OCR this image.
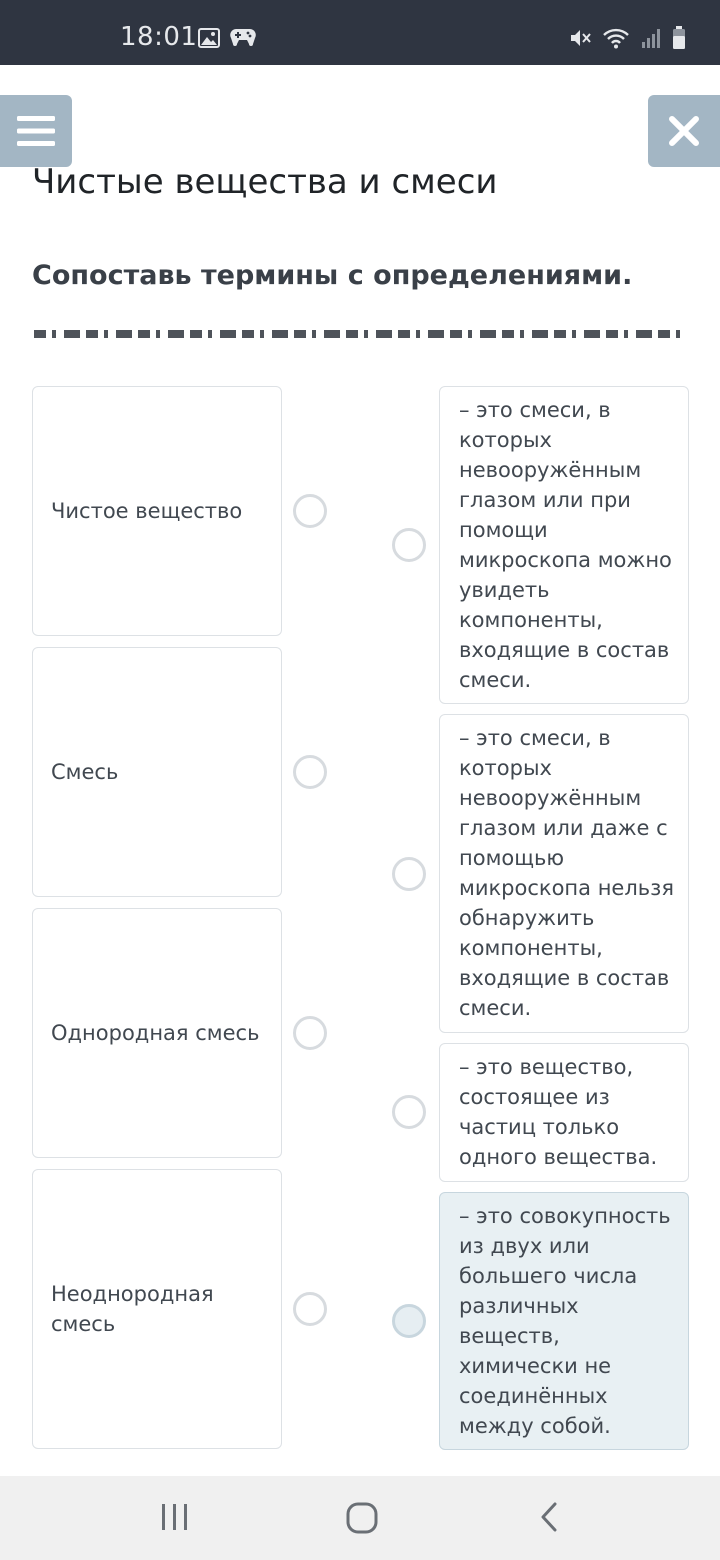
18:01
Чистые вещества и смеси
Сопоставь термины с определениями.
Чистое вещество
Смесь
Однородная смесь
Неоднородная смесь
– это смеси, в которых невооружённым глазом или при помощи микроскопа можно увидеть компоненты, входящие в состав смеси.
– это смеси, в которых невооружённым глазом или даже с помощью микроскопа нельзя обнаружить компоненты, входящие в состав смеси.
– это вещество, состоящее из частиц только одного вещества.
– это совокупность из двух или большего числа различных веществ, химически не соединённых между собой.
